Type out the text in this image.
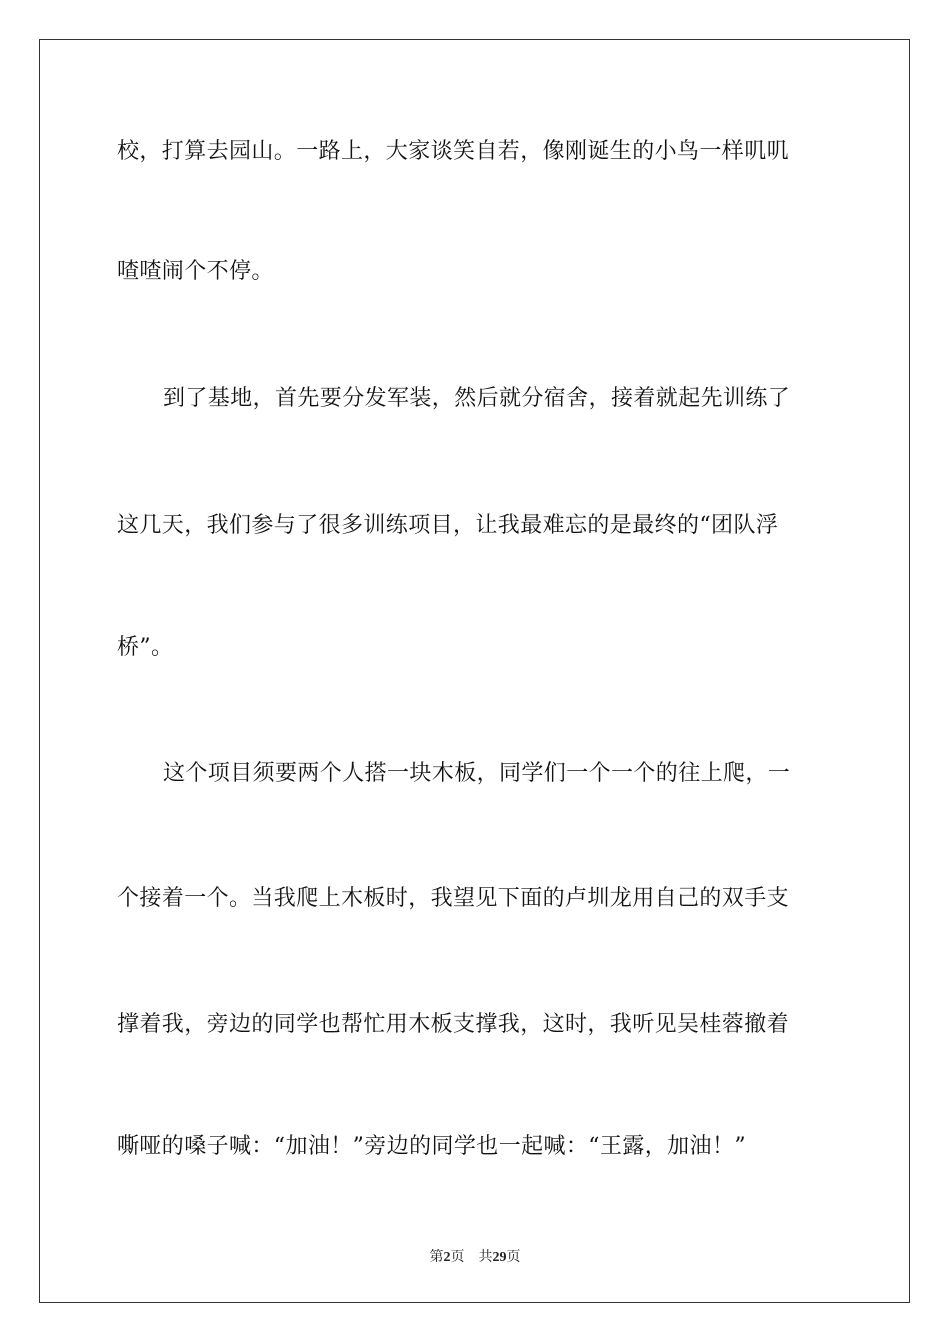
校，打算去园山。一路上，大家谈笑自若，像刚诞生的小鸟一样叽叽
喳喳闹个不停。
到了基地，首先要分发军装，然后就分宿舍，接着就起先训练了
这几天，我们参与了很多训练项目，让我最难忘的是最终的“团队浮
桥”。
这个项目须要两个人搭一块木板，同学们一个一个的往上爬，一
个接着一个。当我爬上木板时，我望见下面的卢圳龙用自己的双手支
撑着我，旁边的同学也帮忙用木板支撑我，这时，我听见吴桂蓉撤着
嘶哑的嗓子喊：“加油！”旁边的同学也一起喊：“王露，加油！”
第2页 共29页
